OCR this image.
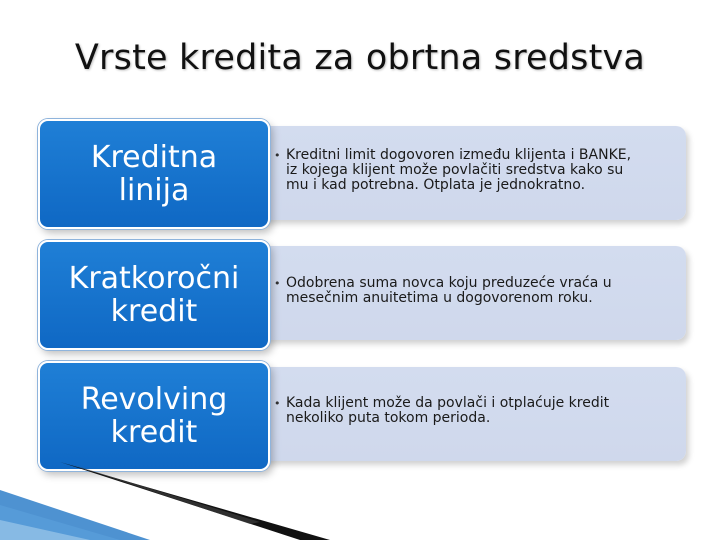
Vrste kredita za obrtna sredstva
• Kreditni limit dogovoren između klijenta i BANKE,
iz kojega klijent može povlačiti sredstva kako su
mu i kad potrebna. Otplata je jednokratno.
Kreditna
linija
• Odobrena suma novca koju preduzeće vraća u
mesečnim anuitetima u dogovorenom roku.
Kratkoročni
kredit
• Kada klijent može da povlači i otplaćuje kredit
nekoliko puta tokom perioda.
Revolving
kredit
